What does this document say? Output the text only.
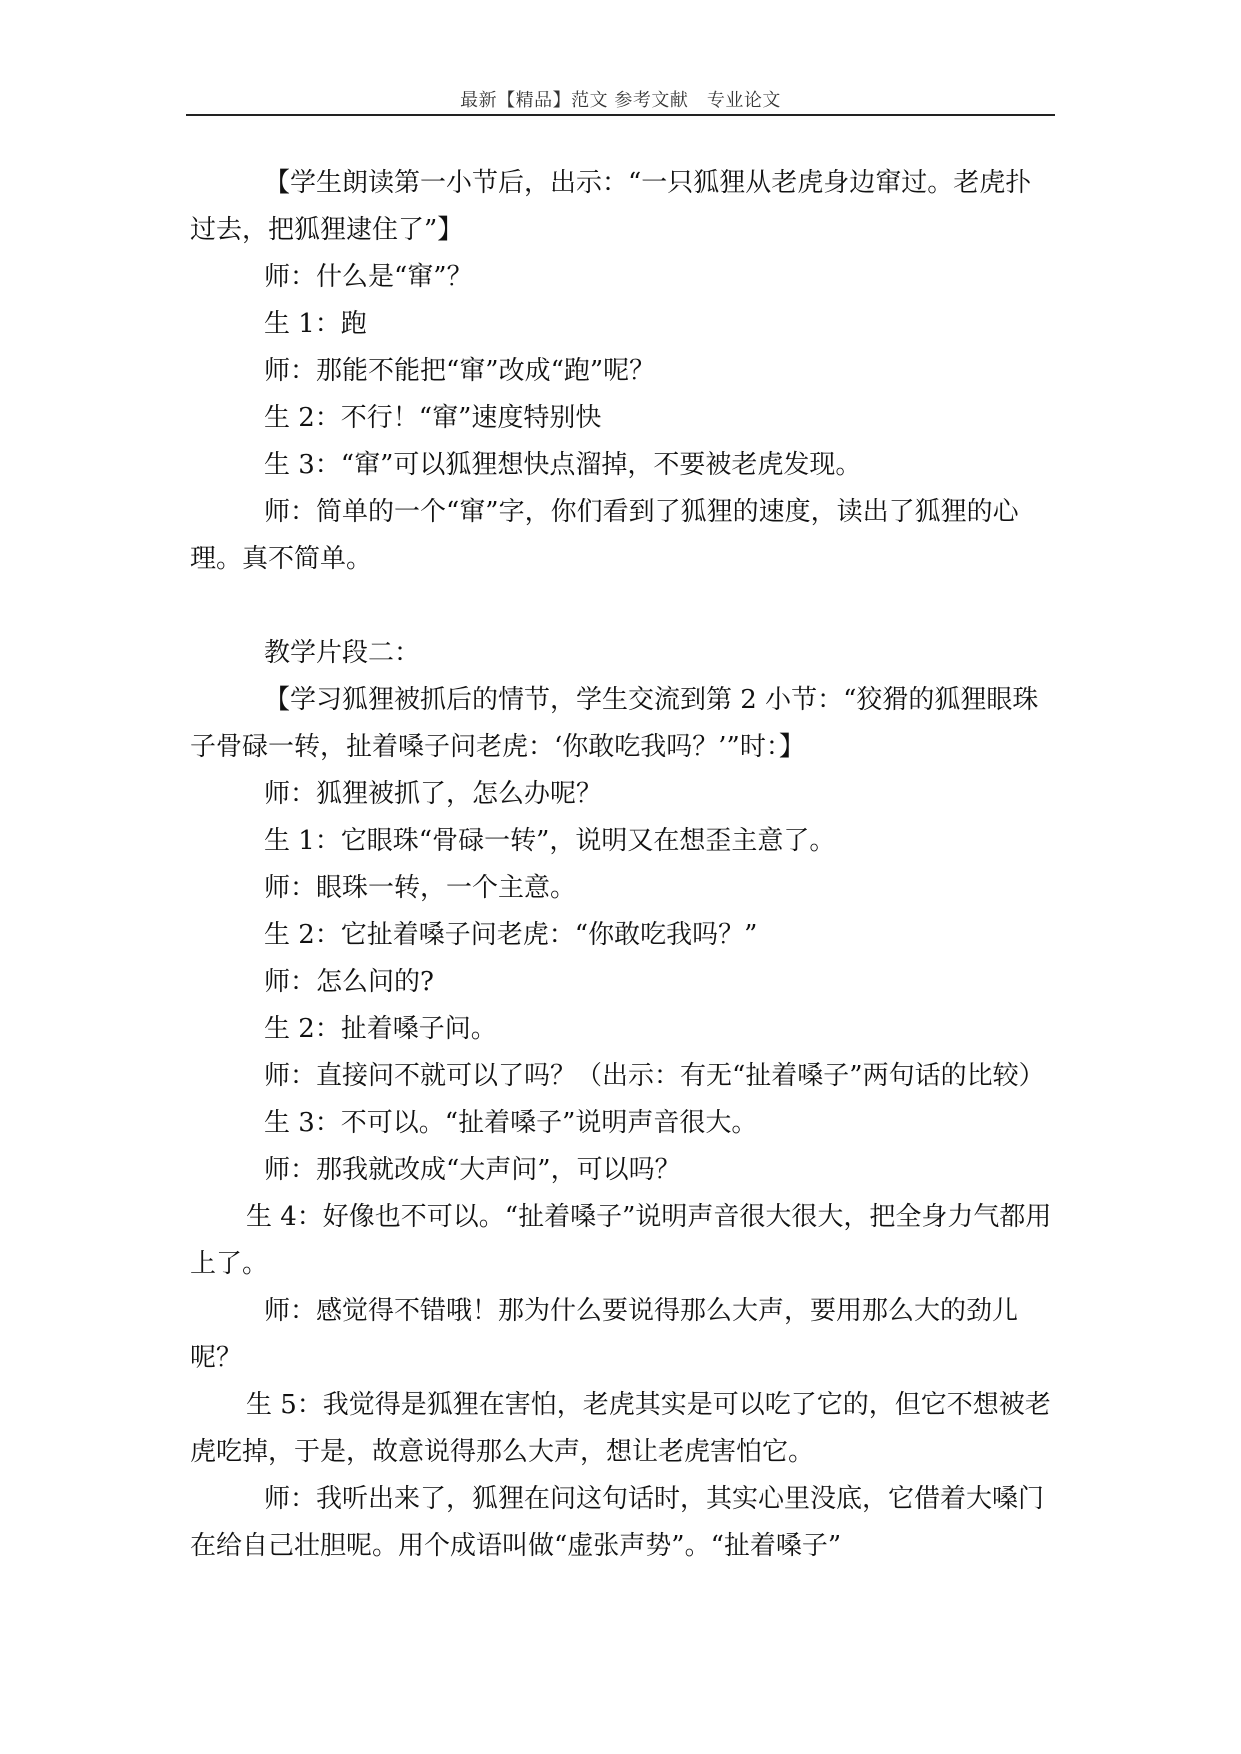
最新【精品】范文 参考文献　专业论文

【学生朗读第一小节后，出示：“一只狐狸从老虎身边窜过。老虎扑过去，把狐狸逮住了”】

师：什么是“窜”？

生 1：跑

师：那能不能把“窜”改成“跑”呢？

生 2：不行！“窜”速度特别快

生 3：“窜”可以狐狸想快点溜掉，不要被老虎发现。

师：简单的一个“窜”字，你们看到了狐狸的速度，读出了狐狸的心理。真不简单。

教学片段二：

【学习狐狸被抓后的情节，学生交流到第 2 小节：“狡猾的狐狸眼珠子骨碌一转，扯着嗓子问老虎：‘你敢吃我吗？’”时：】

师：狐狸被抓了，怎么办呢？

生 1：它眼珠“骨碌一转”，说明又在想歪主意了。

师：眼珠一转，一个主意。

生 2：它扯着嗓子问老虎：“你敢吃我吗？”

师：怎么问的?

生 2：扯着嗓子问。

师：直接问不就可以了吗？（出示：有无“扯着嗓子”两句话的比较）

生 3：不可以。“扯着嗓子”说明声音很大。

师：那我就改成“大声问”，可以吗？

生 4：好像也不可以。“扯着嗓子”说明声音很大很大，把全身力气都用上了。

师：感觉得不错哦！那为什么要说得那么大声，要用那么大的劲儿呢？

生 5：我觉得是狐狸在害怕，老虎其实是可以吃了它的，但它不想被老虎吃掉，于是，故意说得那么大声，想让老虎害怕它。

师：我听出来了，狐狸在问这句话时，其实心里没底，它借着大嗓门在给自己壮胆呢。用个成语叫做“虚张声势”。“扯着嗓子”
